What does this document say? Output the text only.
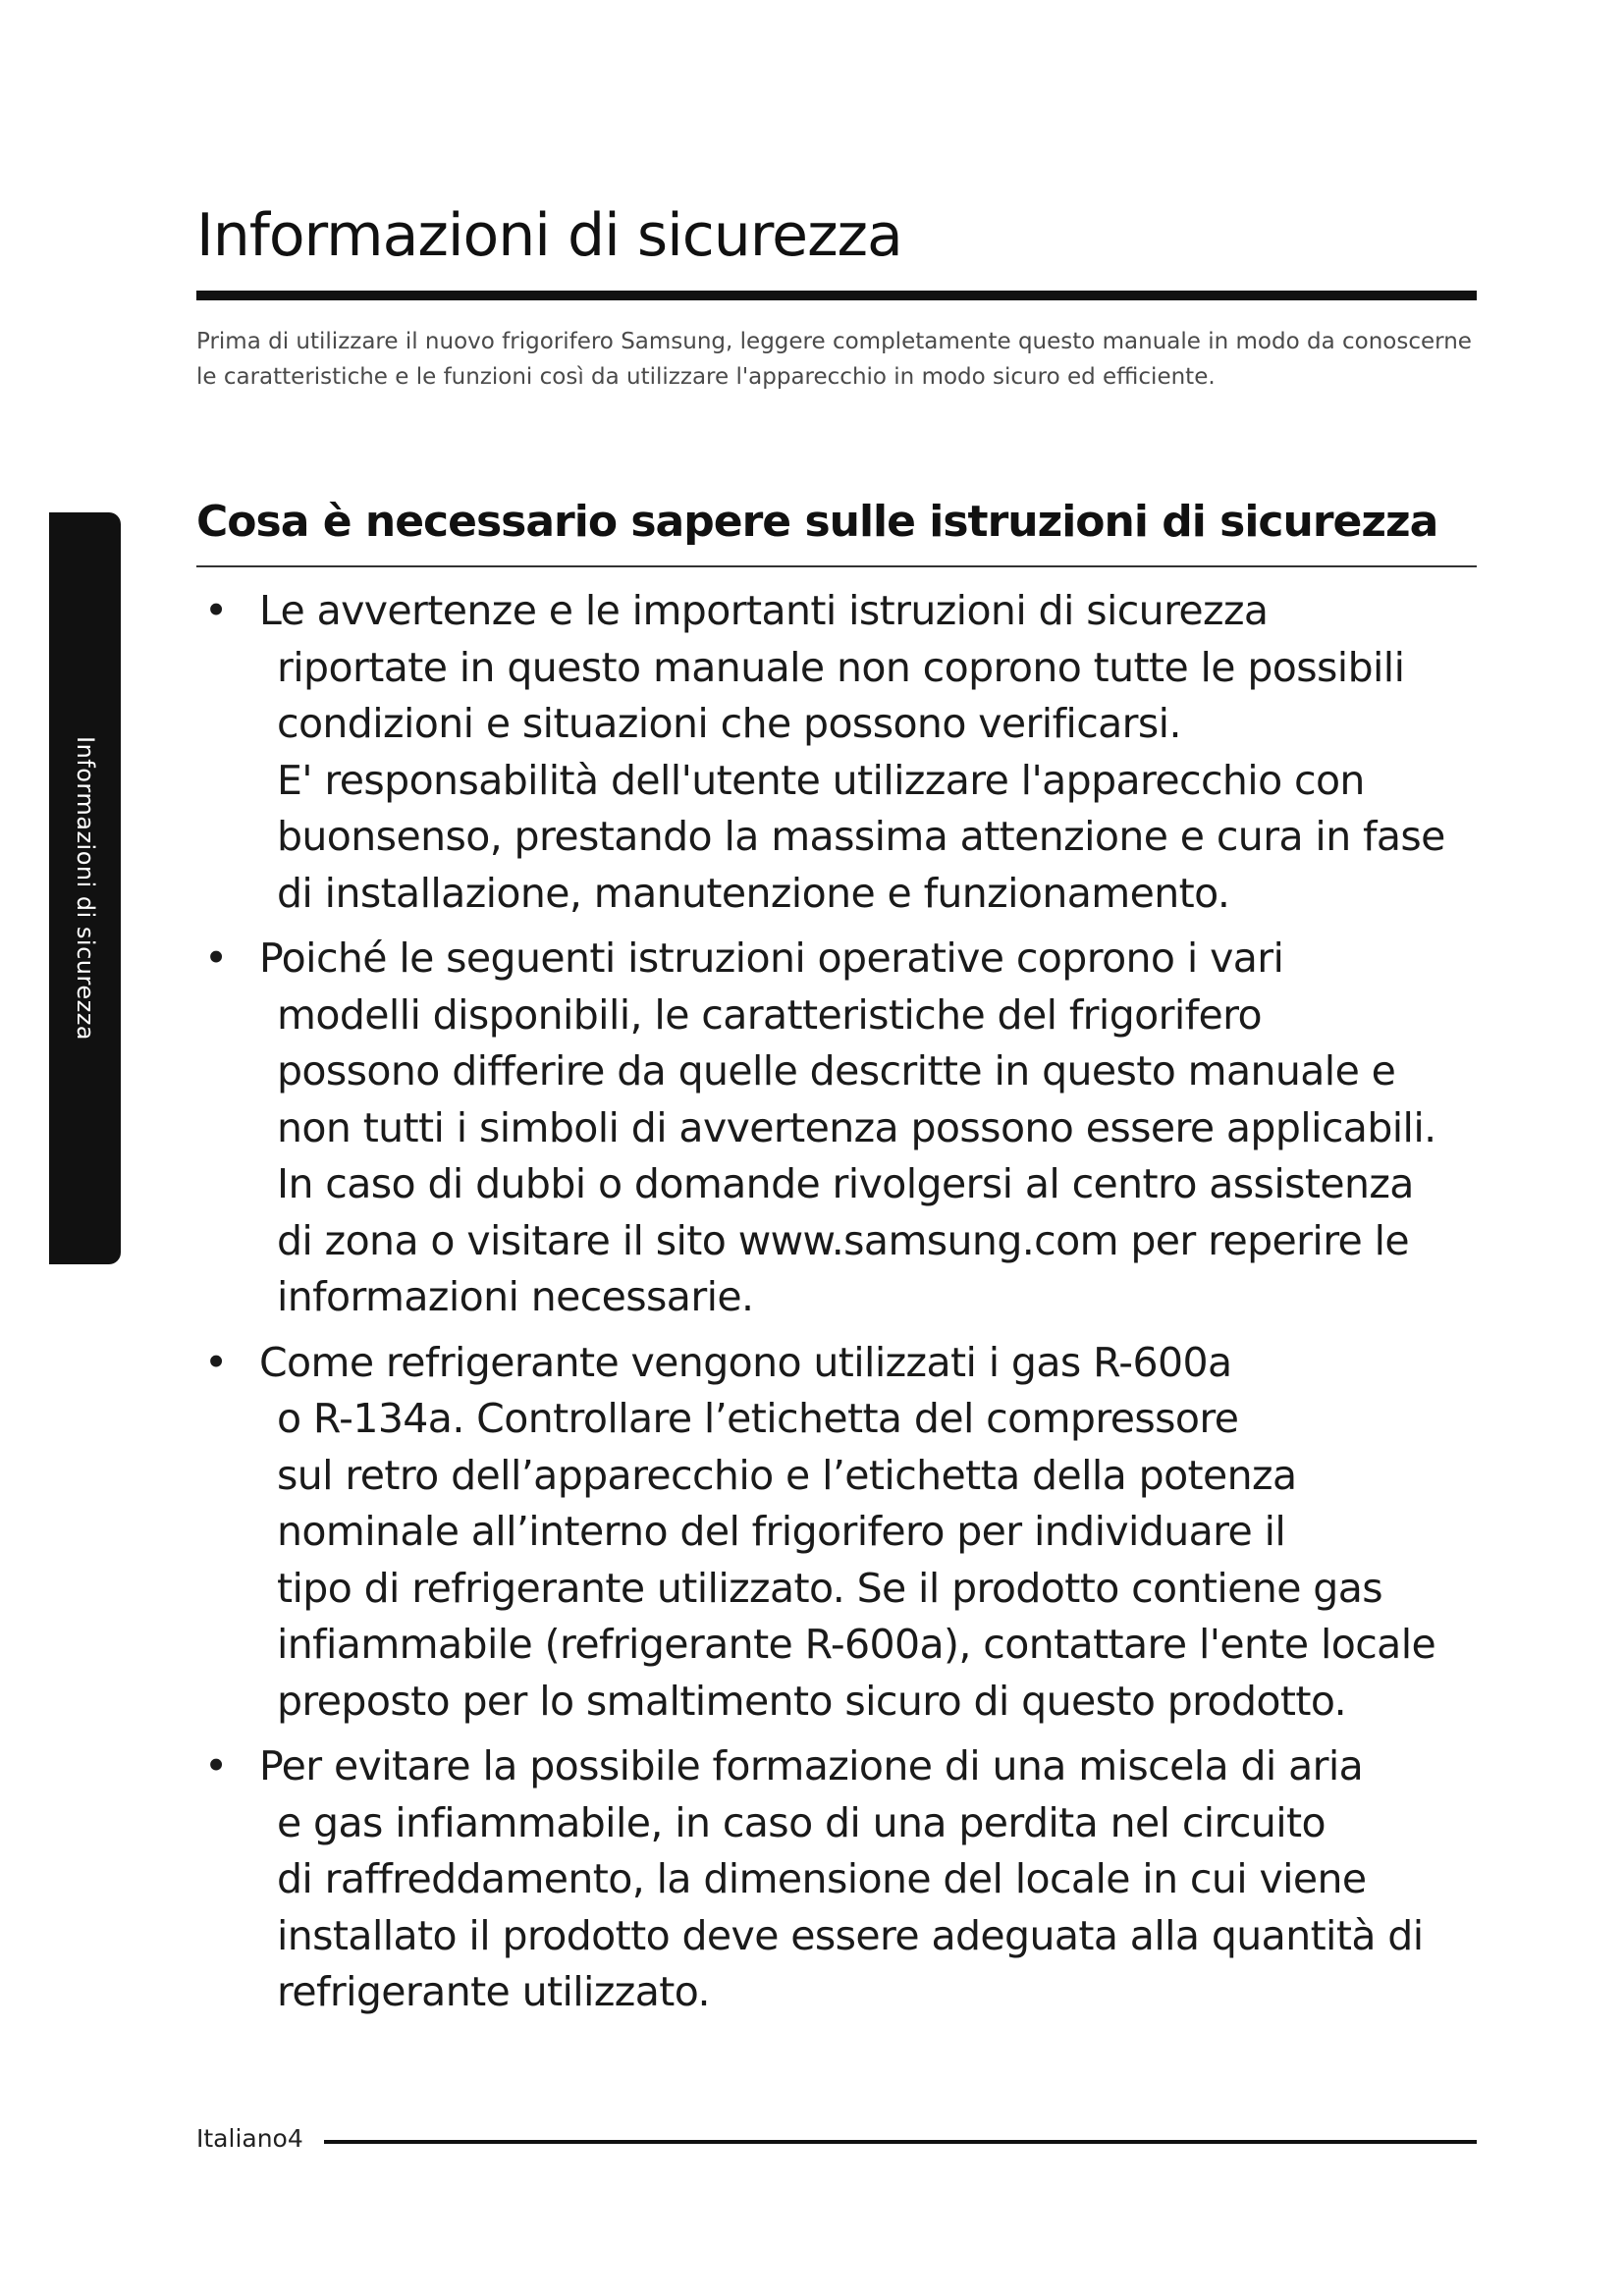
Informazioni di sicurezza

Prima di utilizzare il nuovo frigorifero Samsung, leggere completamente questo manuale in modo da conoscerne le caratteristiche e le funzioni così da utilizzare l'apparecchio in modo sicuro ed efficiente.

Informazioni di sicurezza
Cosa è necessario sapere sulle istruzioni di sicurezza
• Le avvertenze e le importanti istruzioni di sicurezza
riportate in questo manuale non coprono tutte le possibili
condizioni e situazioni che possono verificarsi.
E' responsabilità dell'utente utilizzare l'apparecchio con
buonsenso, prestando la massima attenzione e cura in fase
di installazione, manutenzione e funzionamento.
• Poiché le seguenti istruzioni operative coprono i vari
modelli disponibili, le caratteristiche del frigorifero
possono differire da quelle descritte in questo manuale e
non tutti i simboli di avvertenza possono essere applicabili.
In caso di dubbi o domande rivolgersi al centro assistenza
di zona o visitare il sito www.samsung.com per reperire le
informazioni necessarie.
• Come refrigerante vengono utilizzati i gas R-600a
o R-134a. Controllare l’etichetta del compressore
sul retro dell’apparecchio e l’etichetta della potenza
nominale all’interno del frigorifero per individuare il
tipo di refrigerante utilizzato. Se il prodotto contiene gas
infiammabile (refrigerante R-600a), contattare l'ente locale
preposto per lo smaltimento sicuro di questo prodotto.
• Per evitare la possibile formazione di una miscela di aria
e gas infiammabile, in caso di una perdita nel circuito
di raffreddamento, la dimensione del locale in cui viene
installato il prodotto deve essere adeguata alla quantità di
refrigerante utilizzato.

Italiano4
